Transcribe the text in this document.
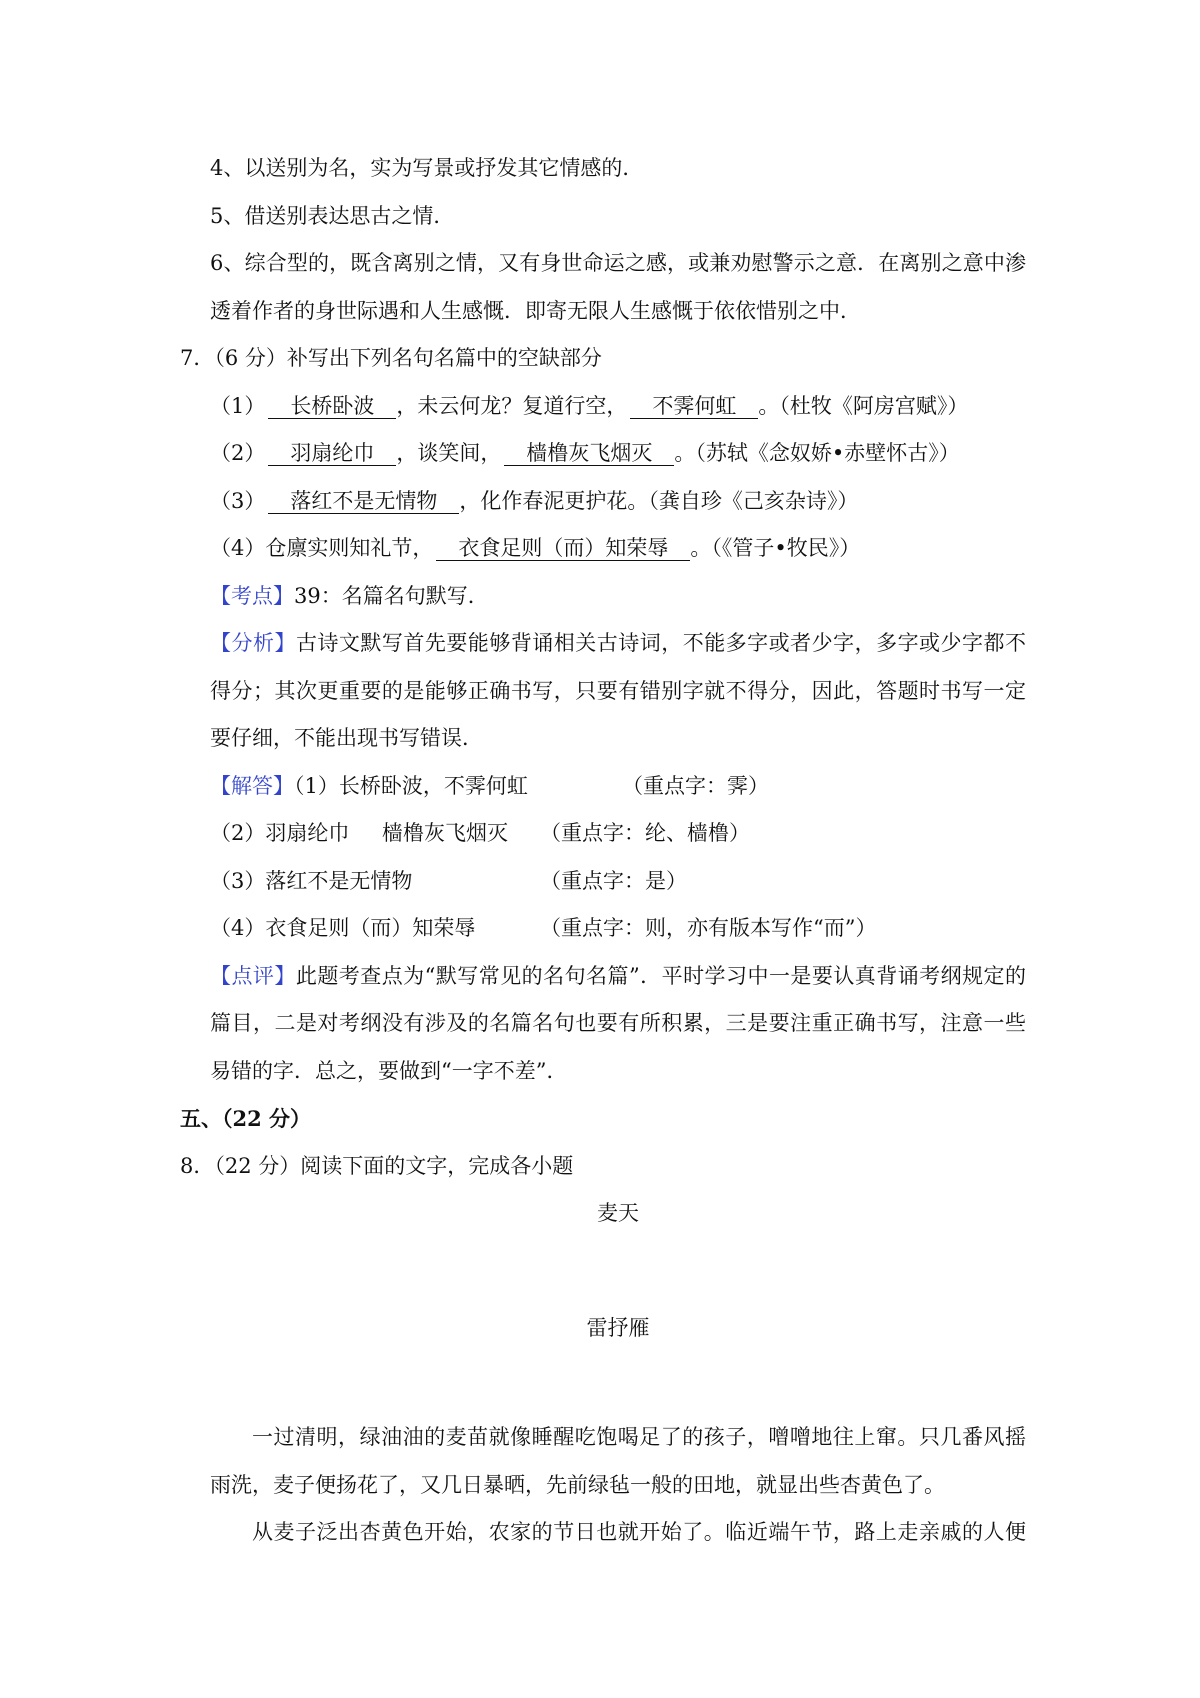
4、以送别为名，实为写景或抒发其它情感的．
5、借送别表达思古之情．
6、综合型的，既含离别之情，又有身世命运之感，或兼劝慰警示之意．在离别之意中渗
透着作者的身世际遇和人生感慨．即寄无限人生感慨于依依惜别之中．
7．（6 分）补写出下列名句名篇中的空缺部分
（1） 长桥卧波 ，未云何龙？复道行空， 不霁何虹 。（杜牧《阿房宫赋》）
（2） 羽扇纶巾 ，谈笑间， 樯橹灰飞烟灭 。（苏轼《念奴娇•赤壁怀古》）
（3） 落红不是无情物 ，化作春泥更护花。（龚自珍《己亥杂诗》）
（4）仓廪实则知礼节， 衣食足则（而）知荣辱 。（《管子•牧民》）
【考点】39：名篇名句默写．
【分析】古诗文默写首先要能够背诵相关古诗词，不能多字或者少字，多字或少字都不
得分；其次更重要的是能够正确书写，只要有错别字就不得分，因此，答题时书写一定
要仔细，不能出现书写错误．
【解答】（1）长桥卧波，不霁何虹	（重点字：霁）
（2）羽扇纶巾 樯橹灰飞烟灭 （重点字：纶、樯橹）
（3）落红不是无情物	（重点字：是）
（4）衣食足则（而）知荣辱	（重点字：则，亦有版本写作“而”）
【点评】此题考查点为“默写常见的名句名篇”．平时学习中一是要认真背诵考纲规定的
篇目，二是对考纲没有涉及的名篇名句也要有所积累，三是要注重正确书写，注意一些
易错的字．总之，要做到“一字不差”．
五、（22 分）
8．（22 分）阅读下面的文字，完成各小题
麦天
雷抒雁
一过清明，绿油油的麦苗就像睡醒吃饱喝足了的孩子，噌噌地往上窜。只几番风摇
雨洗，麦子便扬花了，又几日暴晒，先前绿毡一般的田地，就显出些杏黄色了。
从麦子泛出杏黄色开始，农家的节日也就开始了。临近端午节，路上走亲戚的人便
